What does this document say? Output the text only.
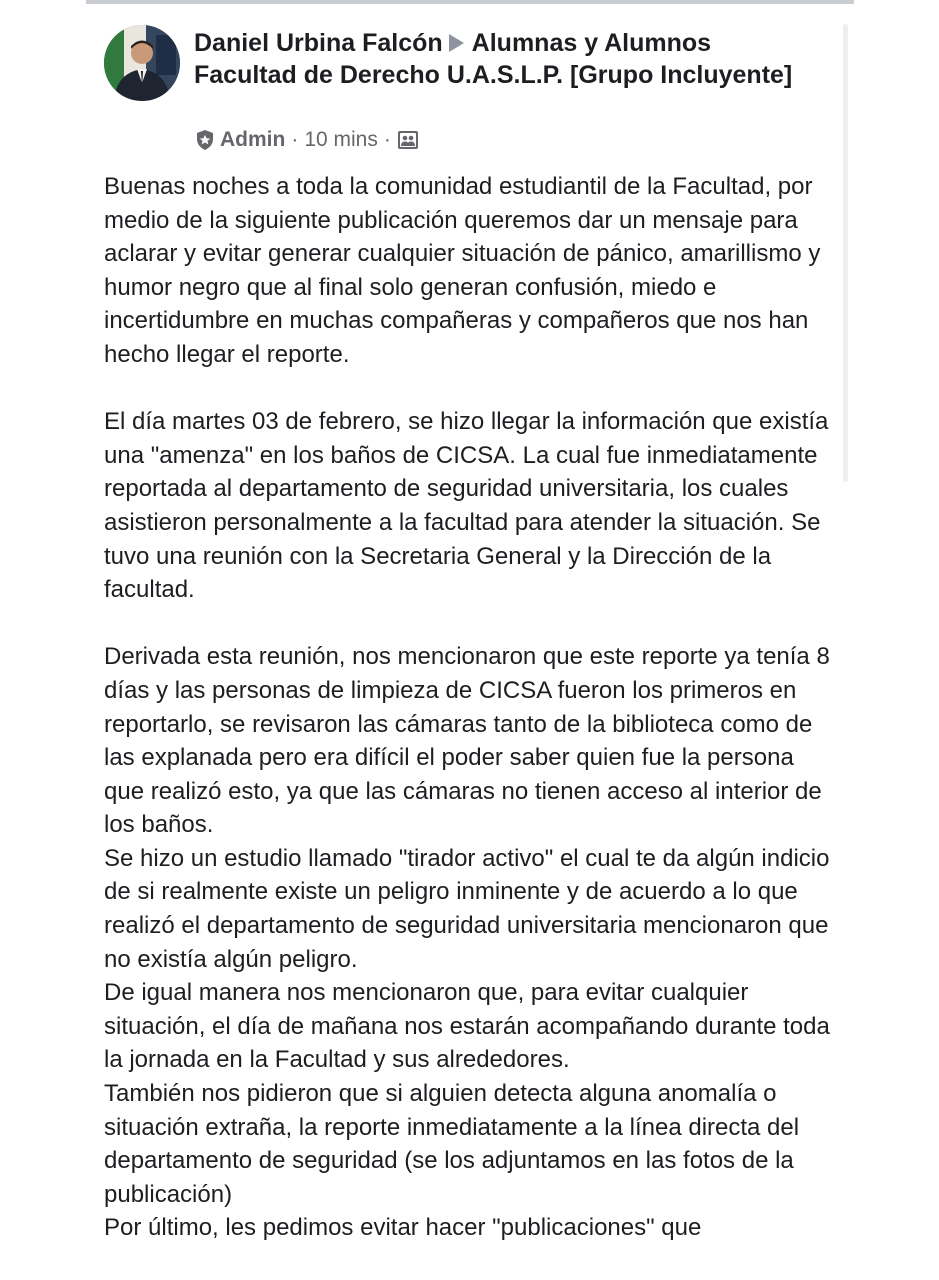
Daniel Urbina Falcón Alumnas y Alumnos Facultad de Derecho U.A.S.L.P. [Grupo Incluyente]
Admin · 10 mins ·

Buenas noches a toda la comunidad estudiantil de la Facultad, por medio de la siguiente publicación queremos dar un mensaje para aclarar y evitar generar cualquier situación de pánico, amarillismo y humor negro que al final solo generan confusión, miedo e incertidumbre en muchas compañeras y compañeros que nos han hecho llegar el reporte.

El día martes 03 de febrero, se hizo llegar la información que existía una "amenza" en los baños de CICSA. La cual fue inmediatamente reportada al departamento de seguridad universitaria, los cuales asistieron personalmente a la facultad para atender la situación. Se tuvo una reunión con la Secretaria General y la Dirección de la facultad.

Derivada esta reunión, nos mencionaron que este reporte ya tenía 8 días y las personas de limpieza de CICSA fueron los primeros en reportarlo, se revisaron las cámaras tanto de la biblioteca como de las explanada pero era difícil el poder saber quien fue la persona que realizó esto, ya que las cámaras no tienen acceso al interior de los baños.
Se hizo un estudio llamado "tirador activo" el cual te da algún indicio de si realmente existe un peligro inminente y de acuerdo a lo que realizó el departamento de seguridad universitaria mencionaron que no existía algún peligro.
De igual manera nos mencionaron que, para evitar cualquier situación, el día de mañana nos estarán acompañando durante toda la jornada en la Facultad y sus alrededores.
También nos pidieron que si alguien detecta alguna anomalía o situación extraña, la reporte inmediatamente a la línea directa del departamento de seguridad (se los adjuntamos en las fotos de la publicación)
Por último, les pedimos evitar hacer "publicaciones" que
